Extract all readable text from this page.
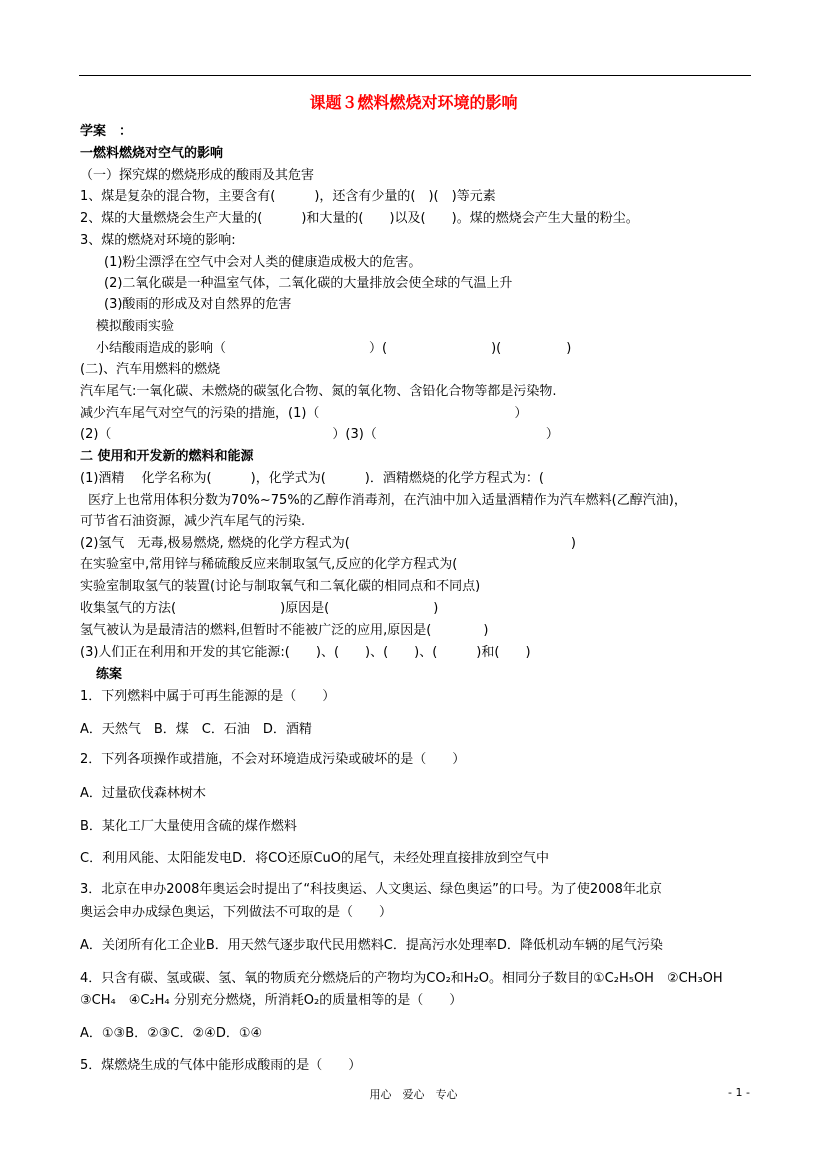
课题３燃料燃烧对环境的影响
学案　：
一燃料燃烧对空气的影响
（一）探究煤的燃烧形成的酸雨及其危害
1、煤是复杂的混合物，主要含有(　　　)，还含有少量的(　)(　)等元素
2、煤的大量燃烧会生产大量的(　　　)和大量的(　　)以及(　　)。煤的燃烧会产生大量的粉尘。
3、煤的燃烧对环境的影响:
(1)粉尘漂浮在空气中会对人类的健康造成极大的危害。
(2)二氧化碳是一种温室气体，二氧化碳的大量排放会使全球的气温上升
(3)酸雨的形成及对自然界的危害
模拟酸雨实验
小结酸雨造成的影响（　　　　　　　　　　　）(　　　　　　　　)(　　　　　)
(二)、汽车用燃料的燃烧
汽车尾气:一氧化碳、未燃烧的碳氢化合物、氮的氧化物、含铅化合物等都是污染物.
减少汽车尾气对空气的污染的措施，(1)（　　　　　　　　　　　　　　　）
(2)（　　　　　　　　　　　　　　　　　）(3)（　　　　　　　　　　　　　）
二 使用和开发新的燃料和能源
(1)酒精　 化学名称为(　　　)，化学式为(　　　)．酒精燃烧的化学方程式为：(
医疗上也常用体积分数为70%~75%的乙醇作消毒剂，在汽油中加入适量酒精作为汽车燃料(乙醇汽油)，
可节省石油资源，减少汽车尾气的污染.
(2)氢气　无毒,极易燃烧, 燃烧的化学方程式为(　　　　　　　　　　　　　　　　　)
在实验室中,常用锌与稀硫酸反应来制取氢气,反应的化学方程式为(
实验室制取氢气的装置(讨论与制取氧气和二氧化碳的相同点和不同点)
收集氢气的方法(　　　　　　　　)原因是(　　　　　　　　)
氢气被认为是最清洁的燃料,但暂时不能被广泛的应用,原因是(　　　　)
(3)人们正在利用和开发的其它能源:(　　)、(　　)、(　　)、(　　　)和(　　)
练案
1．下列燃料中属于可再生能源的是（　　）
A．天然气　B．煤　C．石油　D．酒精
2．下列各项操作或措施，不会对环境造成污染或破坏的是（　　）
A．过量砍伐森林树木
B．某化工厂大量使用含硫的煤作燃料
C．利用风能、太阳能发电D．将CO还原CuO的尾气，未经处理直接排放到空气中
3．北京在申办2008年奥运会时提出了“科技奥运、人文奥运、绿色奥运”的口号。为了使2008年北京
奥运会申办成绿色奥运，下列做法不可取的是（　　）
A．关闭所有化工企业B．用天然气逐步取代民用燃料C．提高污水处理率D．降低机动车辆的尾气污染
4．只含有碳、氢或碳、氢、氧的物质充分燃烧后的产物均为CO₂和H₂O。相同分子数目的①C₂H₅OH　②CH₃OH
③CH₄　④C₂H₄ 分别充分燃烧，所消耗O₂的质量相等的是（　　）
A．①③B．②③C．②④D．①④
5．煤燃烧生成的气体中能形成酸雨的是（　　）
用心　爱心　专心	- 1 -
